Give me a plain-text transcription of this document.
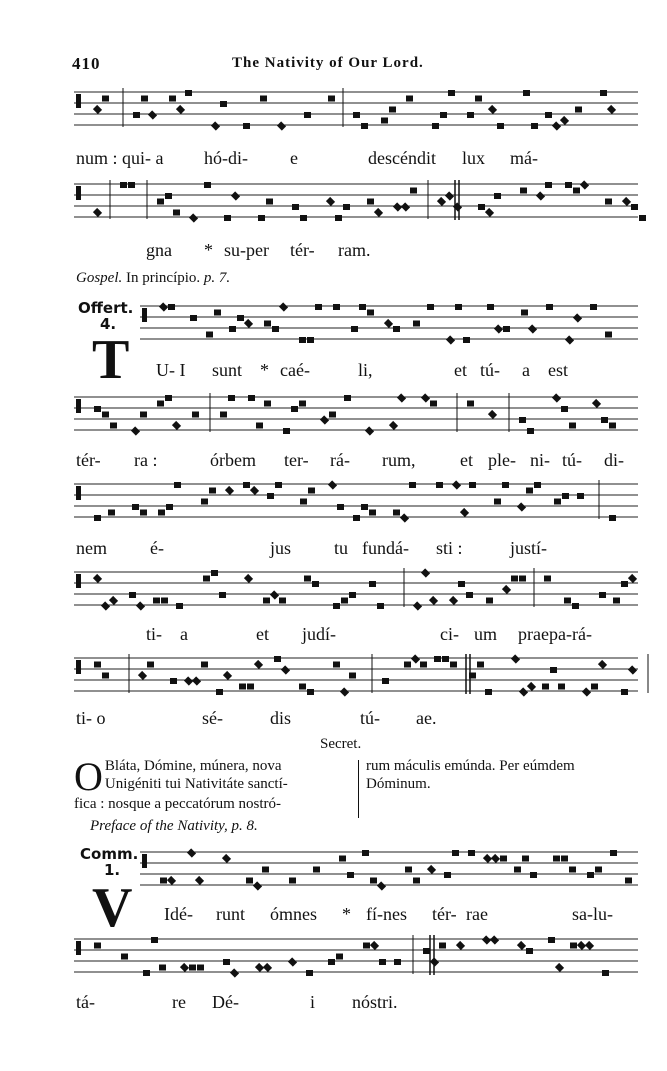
410	The Nativity of Our Lord.
num : qui- a hó-di- e	descéndit lux má-
gna * su-per tér- ram.
Gospel. In princípio. p. 7.
Offert.
4.
T U- I sunt * caé-	li,	et tú- a est
tér- ra :	órbem ter- rá- rum, et ple- ni- tú- di-
nem é-	jus tu fundá- sti :	justí-
ti- a	et judí-	ci- um praepa-rá-
ti- o	sé-	dis	tú- ae.
Secret.
O Bláta, Dómine, múnera, nova
Unigéniti tui Nativitáte sanctí-
fica : nosque a peccatórum nostró-
rum máculis emúnda. Per eúmdem
Dóminum.
Preface of the Nativity, p. 8.
Comm.
1.
V Idé- runt ómnes * fí-nes tér- rae	sa-lu-
tá-	re Dé-	i nóstri.
